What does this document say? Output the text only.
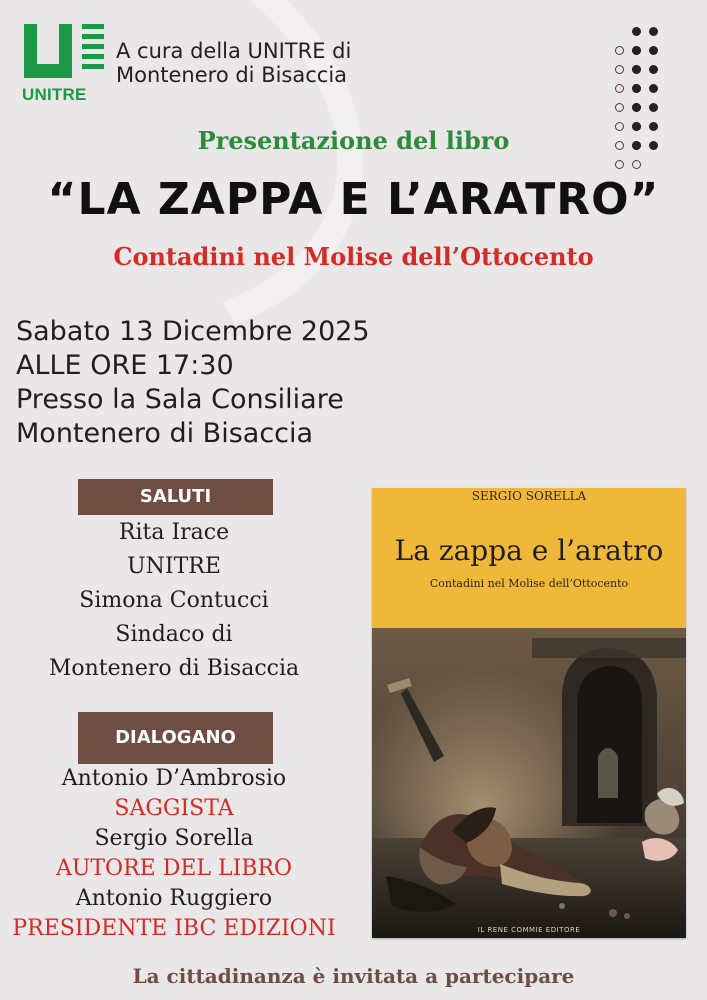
UNITRE
A cura della UNITRE di
Montenero di Bisaccia
Presentazione del libro
“LA ZAPPA E L’ARATRO”
Contadini nel Molise dell’Ottocento
Sabato 13 Dicembre 2025
ALLE ORE 17:30
Presso la Sala Consiliare
Montenero di Bisaccia
SALUTI
Rita Irace
UNITRE
Simona Contucci
Sindaco di
Montenero di Bisaccia
DIALOGANO
Antonio D’Ambrosio
SAGGISTA
Sergio Sorella
AUTORE DEL LIBRO
Antonio Ruggiero
PRESIDENTE IBC EDIZIONI
SERGIO SORELLA
La zappa e l’aratro
Contadini nel Molise dell’Ottocento
IL RENE COMMIE EDITORE
La cittadinanza è invitata a partecipare
